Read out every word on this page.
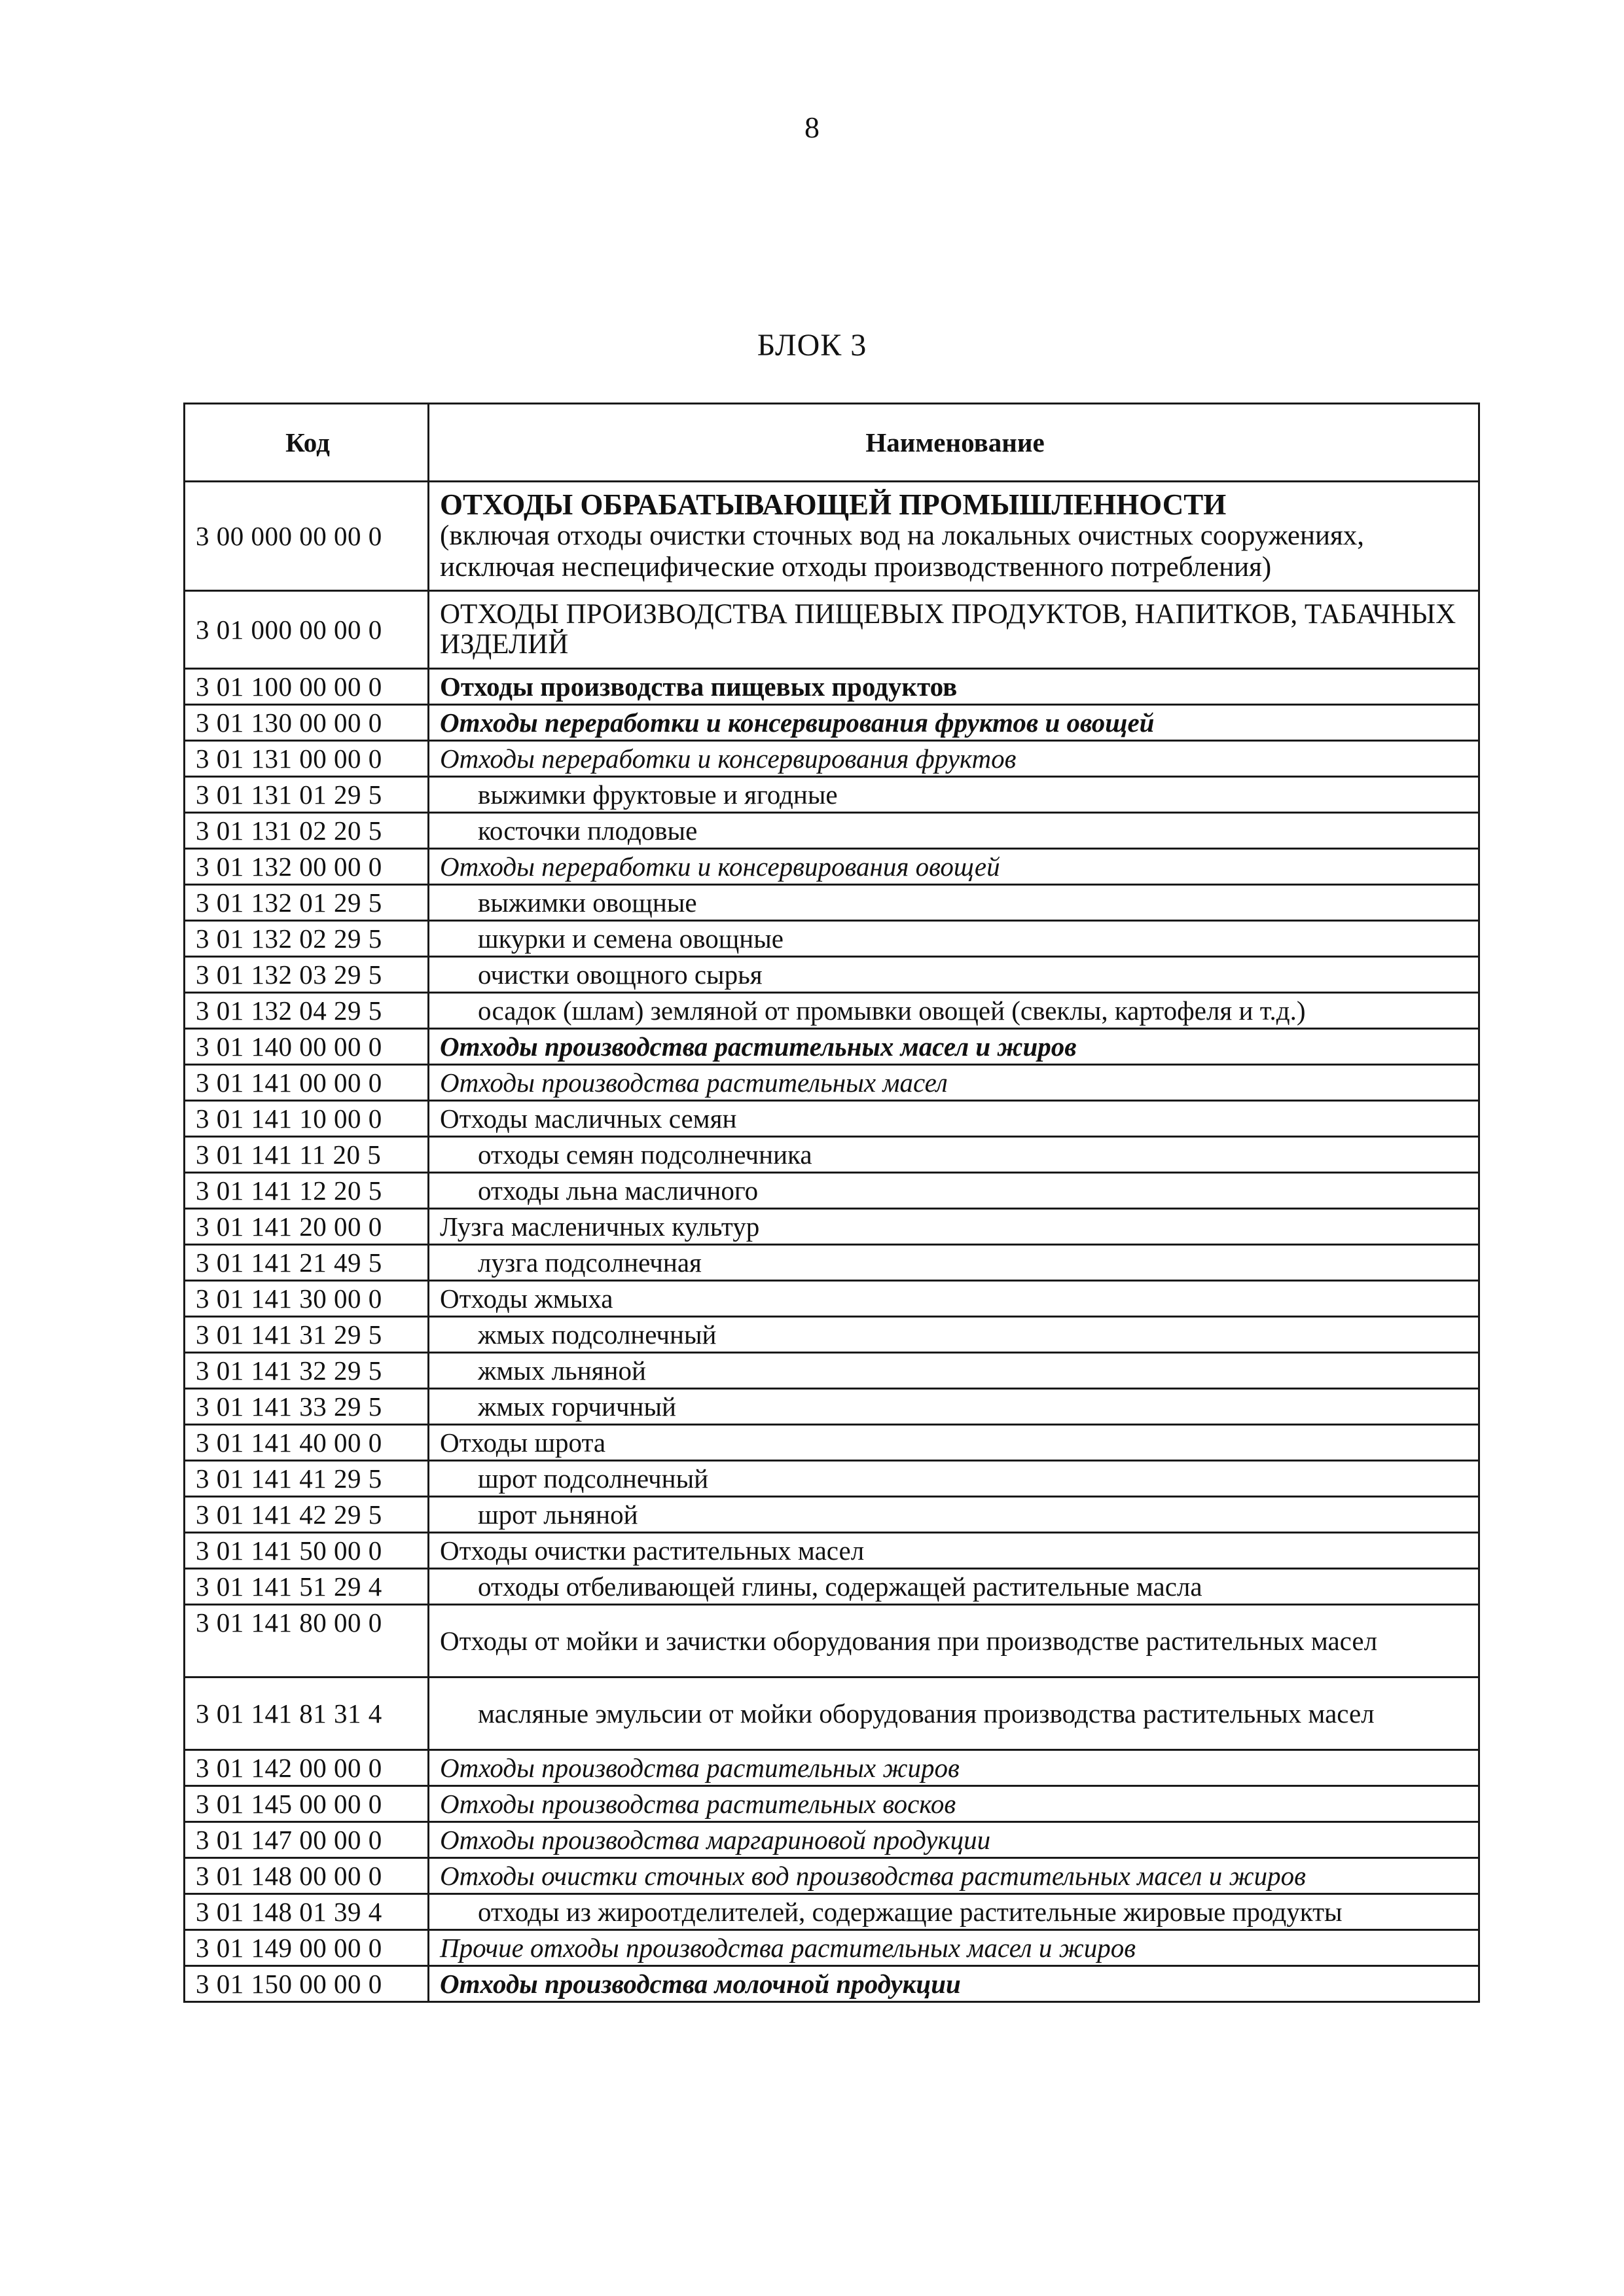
8
БЛОК 3
Код	Наименование
3 00 000 00 00 0	ОТХОДЫ ОБРАБАТЫВАЮЩЕЙ ПРОМЫШЛЕННОСТИ
(включая отходы очистки сточных вод на локальных очистных сооружениях, исключая неспецифические отходы производственного потребления)

3 01 000 00 00 0	ОТХОДЫ ПРОИЗВОДСТВА ПИЩЕВЫХ ПРОДУКТОВ, НАПИТКОВ, ТАБАЧНЫХ ИЗДЕЛИЙ
3 01 100 00 00 0	Отходы производства пищевых продуктов
3 01 130 00 00 0	Отходы переработки и консервирования фруктов и овощей
3 01 131 00 00 0	Отходы переработки и консервирования фруктов
3 01 131 01 29 5	выжимки фруктовые и ягодные
3 01 131 02 20 5	косточки плодовые
3 01 132 00 00 0	Отходы переработки и консервирования овощей
3 01 132 01 29 5	выжимки овощные
3 01 132 02 29 5	шкурки и семена овощные
3 01 132 03 29 5	очистки овощного сырья
3 01 132 04 29 5	осадок (шлам) земляной от промывки овощей (свеклы, картофеля и т.д.)
3 01 140 00 00 0	Отходы производства растительных масел и жиров
3 01 141 00 00 0	Отходы производства растительных масел
3 01 141 10 00 0	Отходы масличных семян
3 01 141 11 20 5	отходы семян подсолнечника
3 01 141 12 20 5	отходы льна масличного
3 01 141 20 00 0	Лузга масленичных культур
3 01 141 21 49 5	лузга подсолнечная
3 01 141 30 00 0	Отходы жмыха
3 01 141 31 29 5	жмых подсолнечный
3 01 141 32 29 5	жмых льняной
3 01 141 33 29 5	жмых горчичный
3 01 141 40 00 0	Отходы шрота
3 01 141 41 29 5	шрот подсолнечный
3 01 141 42 29 5	шрот льняной
3 01 141 50 00 0	Отходы очистки растительных масел
3 01 141 51 29 4	отходы отбеливающей глины, содержащей растительные масла
3 01 141 80 00 0	Отходы от мойки и зачистки оборудования при производстве растительных масел
3 01 141 81 31 4	масляные эмульсии от мойки оборудования производства растительных масел
3 01 142 00 00 0	Отходы производства растительных жиров
3 01 145 00 00 0	Отходы производства растительных восков
3 01 147 00 00 0	Отходы производства маргариновой продукции
3 01 148 00 00 0	Отходы очистки сточных вод производства растительных масел и жиров
3 01 148 01 39 4	отходы из жироотделителей, содержащие растительные жировые продукты
3 01 149 00 00 0	Прочие отходы производства растительных масел и жиров
3 01 150 00 00 0	Отходы производства молочной продукции
